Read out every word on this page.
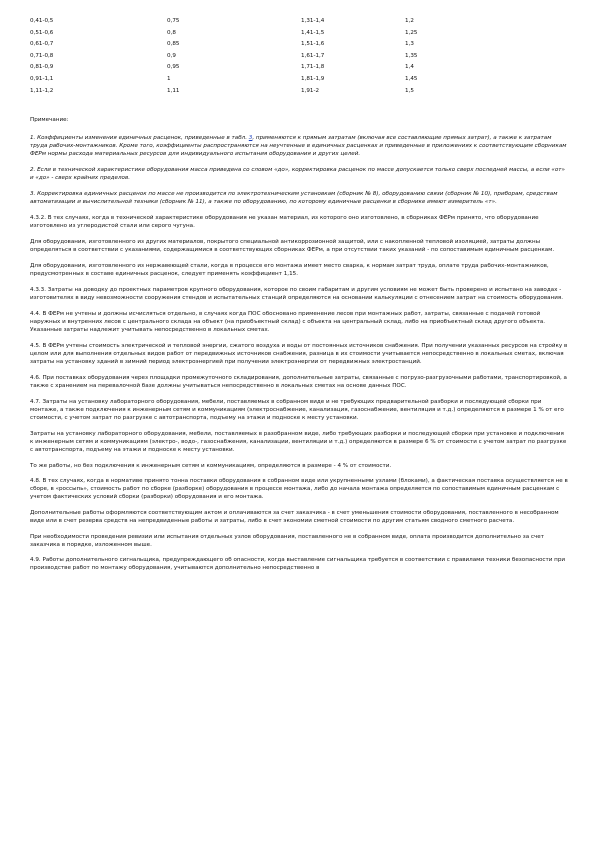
0,41-0,5	0,75	1,31-1,4	1,2
0,51-0,6	0,8	1,41-1,5	1,25
0,61-0,7	0,85	1,51-1,6	1,3
0,71-0,8	0,9	1,61-1,7	1,35
0,81-0,9	0,95	1,71-1,8	1,4
0,91-1,1	1	1,81-1,9	1,45
1,11-1,2	1,11	1,91-2	1,5

Примечание:

1. Коэффициенты изменения единичных расценок, приведенные в табл. 3, применяются к прямым затратам (включая все составляющие прямых затрат), а также к затратам труда рабочих-монтажников. Кроме того, коэффициенты распространяются на неучтенные в единичных расценках и приведенные в приложениях к соответствующим сборникам ФЕРм нормы расхода материальных ресурсов для индивидуального испытания оборудования и других целей.

2. Если в технической характеристике оборудования масса приведена со словом «до», корректировка расценок по массе допускается только сверх последней массы, а если «от» и «до» - сверх крайних пределов.

3. Корректировка единичных расценок по массе не производится по электротехническим установкам (сборник № 8), оборудованию связи (сборник № 10), приборам, средствам автоматизации и вычислительной техники (сборник № 11), а также по оборудованию, по которому единичные расценки в сборнике имеют измеритель «т».

4.3.2. В тех случаях, когда в технической характеристике оборудования не указан материал, из которого оно изготовлено, в сборниках ФЕРм принято, что оборудование изготовлено из углеродистой стали или серого чугуна.

Для оборудования, изготовленного из других материалов, покрытого специальной антикоррозионной защитой, или с накопленной тепловой изоляцией, затраты должны определяться в соответствии с указаниями, содержащимися в соответствующих сборниках ФЕРм, а при отсутствии таких указаний - по сопоставимым единичным расценкам.

Для оборудования, изготовленного из нержавеющей стали, когда в процессе его монтажа имеет место сварка, к нормам затрат труда, оплате труда рабочих-монтажников, предусмотренных в составе единичных расценок, следует применять коэффициент 1,15.

4.3.3. Затраты на доводку до проектных параметров крупного оборудования, которое по своим габаритам и другим условиям не может быть проверено и испытано на заводах - изготовителях в виду невозможности сооружения стендов и испытательных станций определяются на основании калькуляции с отнесением затрат на стоимость оборудования.

4.4. В ФЕРм не учтены и должны исчисляться отдельно, в случаях когда ПОС обосновано применение лесов при монтажных работ, затраты, связанные с подачей готовой наружных и внутренних лесов с центрального склада на объект (на приобъектный склад) с объекта на центральный склад, либо на приобъектный склад другого объекта. Указанные затраты надлежит учитывать непосредственно в локальных сметах.

4.5. В ФЕРм учтены стоимость электрической и тепловой энергии, сжатого воздуха и воды от постоянных источников снабжения. При получении указанных ресурсов на стройку в целом или для выполнения отдельных видов работ от передвижных источников снабжения, разница в их стоимости учитывается непосредственно в локальных сметах, включая затраты на установку зданий в зимний период электроэнергией при получении электроэнергии от передвижных электростанций.

4.6. При поставках оборудования через площадки промежуточного складирования, дополнительные затраты, связанные с погрузо-разгрузочными работами, транспортировкой, а также с хранением на перевалочной базе должны учитываться непосредственно в локальных сметах на основе данных ПОС.

4.7. Затраты на установку лабораторного оборудования, мебели, поставляемых в собранном виде и не требующих предварительной разборки и последующей сборки при монтаже, а также подключения к инженерным сетям и коммуникациям (электроснабжение, канализация, газоснабжение, вентиляция и т.д.) определяются в размере 1 % от его стоимости, с учетом затрат по разгрузке с автотранспорта, подъему на этажи и подноске к месту установки.

Затраты на установку лабораторного оборудования, мебели, поставляемых в разобранном виде, либо требующих разборки и последующей сборки при установке и подключения к инженерным сетям и коммуникациям (электро-, водо-, газоснабжения, канализации, вентиляции и т.д.) определяются в размере 6 % от стоимости с учетом затрат по разгрузке с автотранспорта, подъему на этажи и подноске к месту установки.

То же работы, но без подключения к инженерным сетям и коммуникациям, определяются в размере - 4 % от стоимости.

4.8. В тех случаях, когда в нормативе принято тонна поставки оборудования в собранном виде или укрупненными узлами (блоками), а фактическая поставка осуществляется не в сборе, в «россыпь», стоимость работ по сборке (разборке) оборудования в процессе монтажа, либо до начала монтажа определяется по сопоставимым единичным расценкам с учетом фактических условий сборки (разборки) оборудования и его монтажа.

Дополнительные работы оформляются соответствующим актом и оплачиваются за счет заказчика - в счет уменьшения стоимости оборудования, поставленного в несобранном виде или в счет резерва средств на непредвиденные работы и затраты, либо в счет экономии сметной стоимости по другим статьям сводного сметного расчета.

При необходимости проведения ревизии или испытания отдельных узлов оборудования, поставленного не в собранном виде, оплата производится дополнительно за счет заказчика в порядке, изложенном выше.

4.9. Работы дополнительного сигнальщика, предупреждающего об опасности, когда выставление сигнальщика требуется в соответствии с правилами техники безопасности при производстве работ по монтажу оборудования, учитываются дополнительно непосредственно в
